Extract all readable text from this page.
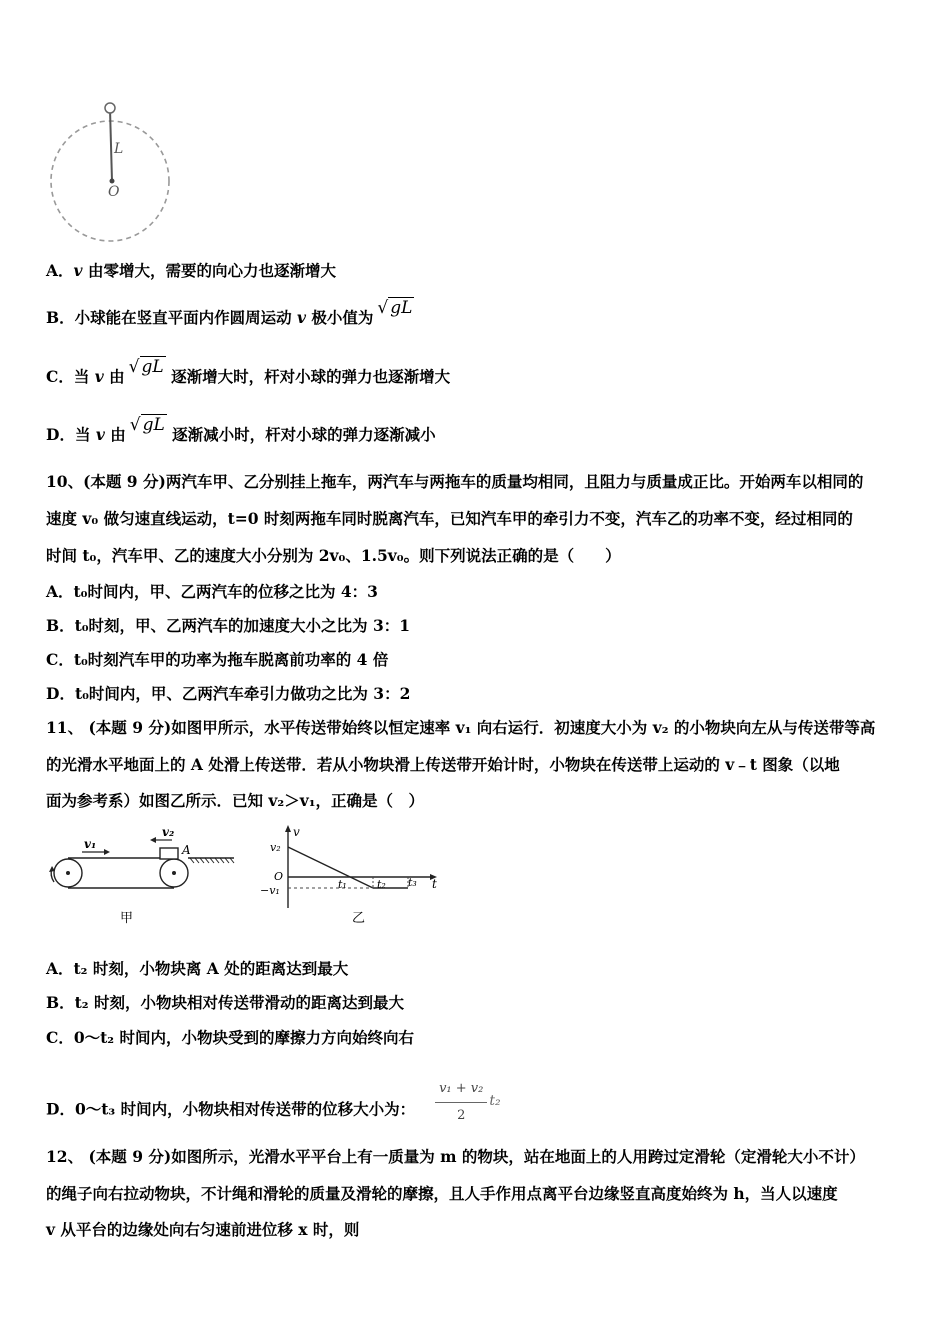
L
O
A．v 由零增大，需要的向心力也逐渐增大
B．小球能在竖直平面内作圆周运动 v 极小值为 √ gL
C．当 v 由 √ gL 逐渐增大时，杆对小球的弹力也逐渐增大
D．当 v 由 √ gL 逐渐减小时，杆对小球的弹力逐渐减小
10、(本题 9 分)两汽车甲、乙分别挂上拖车，两汽车与两拖车的质量均相同，且阻力与质量成正比。开始两车以相同的
速度 v₀ 做匀速直线运动，t=0 时刻两拖车同时脱离汽车，已知汽车甲的牵引力不变，汽车乙的功率不变，经过相同的
时间 t₀，汽车甲、乙的速度大小分别为 2v₀、1.5v₀。则下列说法正确的是（　　）
A．t₀时间内，甲、乙两汽车的位移之比为 4：3
B．t₀时刻，甲、乙两汽车的加速度大小之比为 3：1
C．t₀时刻汽车甲的功率为拖车脱离前功率的 4 倍
D．t₀时间内，甲、乙两汽车牵引力做功之比为 3：2
11、 (本题 9 分)如图甲所示，水平传送带始终以恒定速率 v₁ 向右运行．初速度大小为 v₂ 的小物块向左从与传送带等高
的光滑水平地面上的 A 处滑上传送带．若从小物块滑上传送带开始计时，小物块在传送带上运动的 v﹣t 图象（以地
面为参考系）如图乙所示．已知 v₂＞v₁，正确是（　）
v₁
v₂
A
甲
v
v₂
O
−v₁	t₁	t₂ t₃ t
乙
A．t₂ 时刻，小物块离 A 处的距离达到最大
B．t₂ 时刻，小物块相对传送带滑动的距离达到最大
C．0～t₂ 时间内，小物块受到的摩擦力方向始终向右
D．0～t₃ 时间内，小物块相对传送带的位移大小为： $\frac{\text{v₁ + v₂}}{2} t_2$
12、 (本题 9 分)如图所示，光滑水平平台上有一质量为 m 的物块，站在地面上的人用跨过定滑轮（定滑轮大小不计）
的绳子向右拉动物块，不计绳和滑轮的质量及滑轮的摩擦，且人手作用点离平台边缘竖直高度始终为 h，当人以速度
v 从平台的边缘处向右匀速前进位移 x 时，则
